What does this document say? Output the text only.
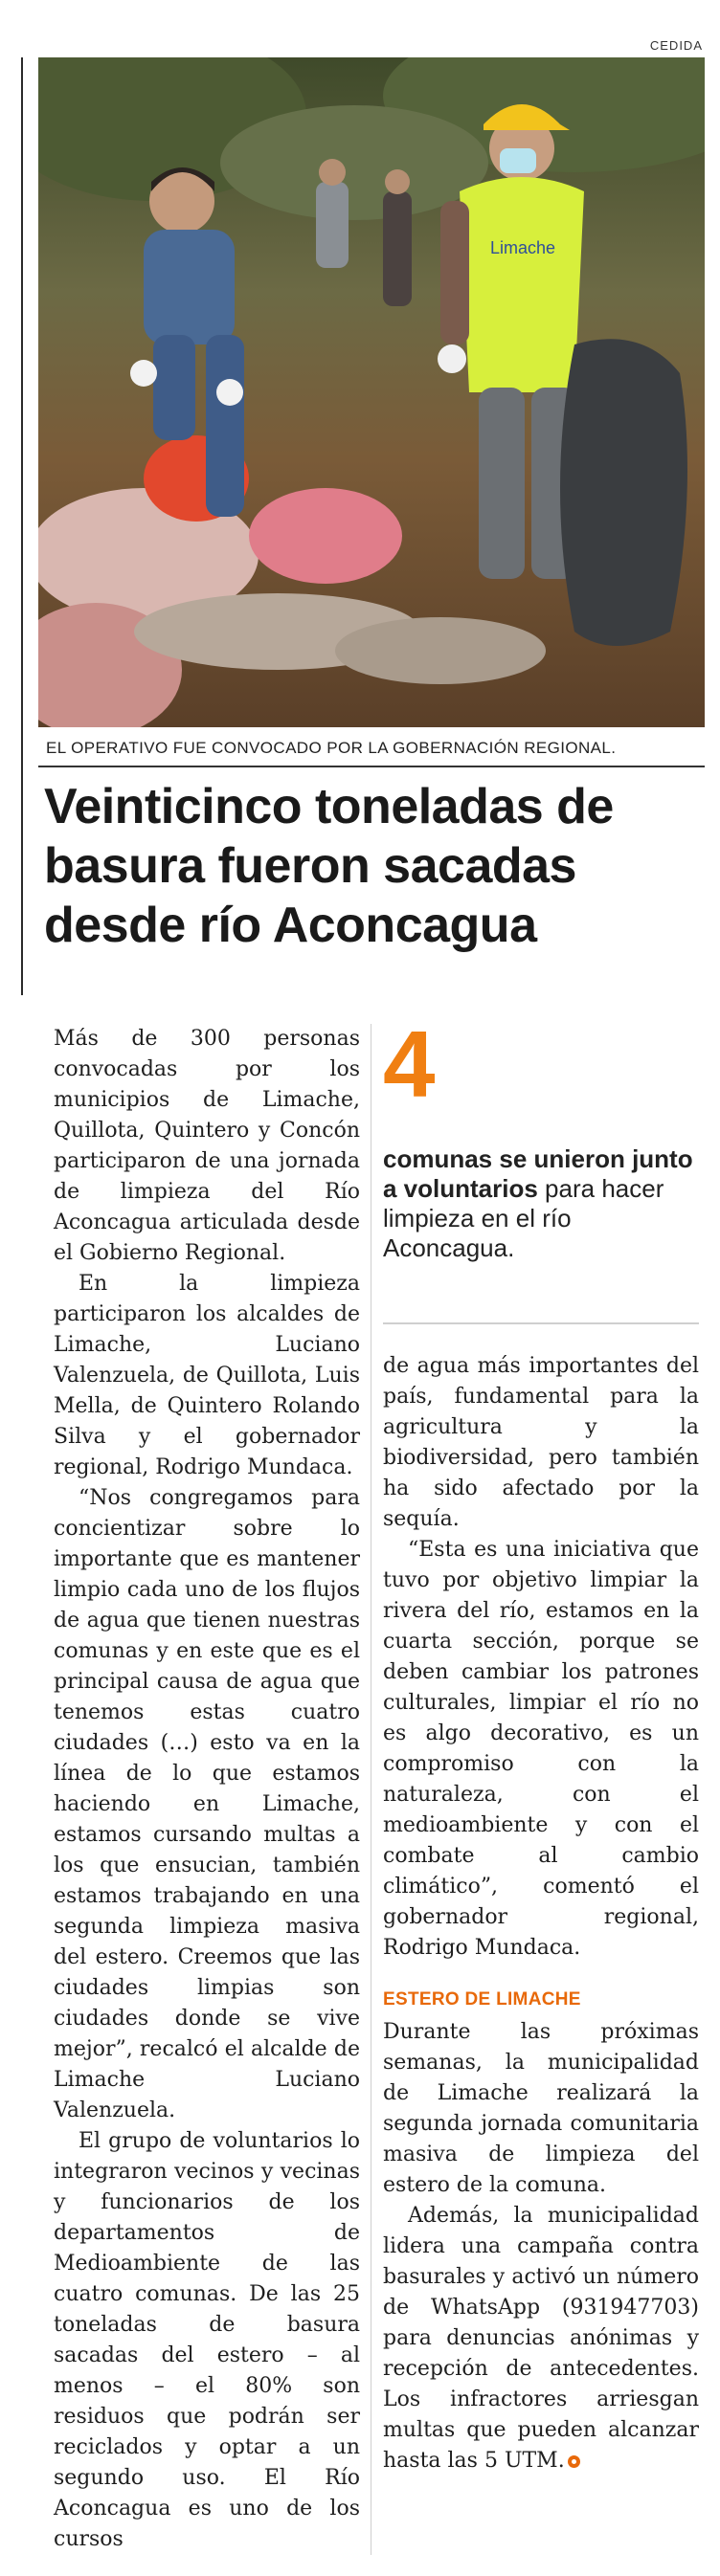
CEDIDA
Limache
EL OPERATIVO FUE CONVOCADO POR LA GOBERNACIÓN REGIONAL.
Veinticinco toneladas de basura fueron sacadas desde río Aconcagua
4
comunas se unieron junto a voluntarios para hacer limpieza en el río Aconcagua.

Más de 300 personas convocadas por los municipios de Limache, Quillota, Quintero y Concón participaron de una jornada de limpieza del Río Aconcagua articulada desde el Gobierno Regional.

En la limpieza participaron los alcaldes de Limache, Luciano Valenzuela, de Quillota, Luis Mella, de Quintero Rolando Silva y el gobernador regional, Rodrigo Mundaca.

“Nos congregamos para concientizar sobre lo importante que es mantener limpio cada uno de los flujos de agua que tienen nuestras comunas y en este que es el principal causa de agua que tenemos estas cuatro ciudades (…) esto va en la línea de lo que estamos haciendo en Limache, estamos cursando multas a los que ensucian, también estamos trabajando en una segunda limpieza masiva del estero. Creemos que las ciudades limpias son ciudades donde se vive mejor”, recalcó el alcalde de Limache Luciano Valenzuela.

El grupo de voluntarios lo integraron vecinos y vecinas y funcionarios de los departamentos de Medioambiente de las cuatro comunas. De las 25 toneladas de basura sacadas del estero – al menos – el 80% son residuos que podrán ser reciclados y optar a un segundo uso. El Río Aconcagua es uno de los cursos

de agua más importantes del país, fundamental para la agricultura y la biodiversidad, pero también ha sido afectado por la sequía.

“Esta es una iniciativa que tuvo por objetivo limpiar la rivera del río, estamos en la cuarta sección, porque se deben cambiar los patrones culturales, limpiar el río no es algo decorativo, es un compromiso con la naturaleza, con el medioambiente y con el combate al cambio climático”, comentó el gobernador regional, Rodrigo Mundaca.

ESTERO DE LIMACHE

Durante las próximas semanas, la municipalidad de Limache realizará la segunda jornada comunitaria masiva de limpieza del estero de la comuna.

Además, la municipalidad lidera una campaña contra basurales y activó un número de WhatsApp (931947703) para denuncias anónimas y recepción de antecedentes. Los infractores arriesgan multas que pueden alcanzar hasta las 5 UTM.
